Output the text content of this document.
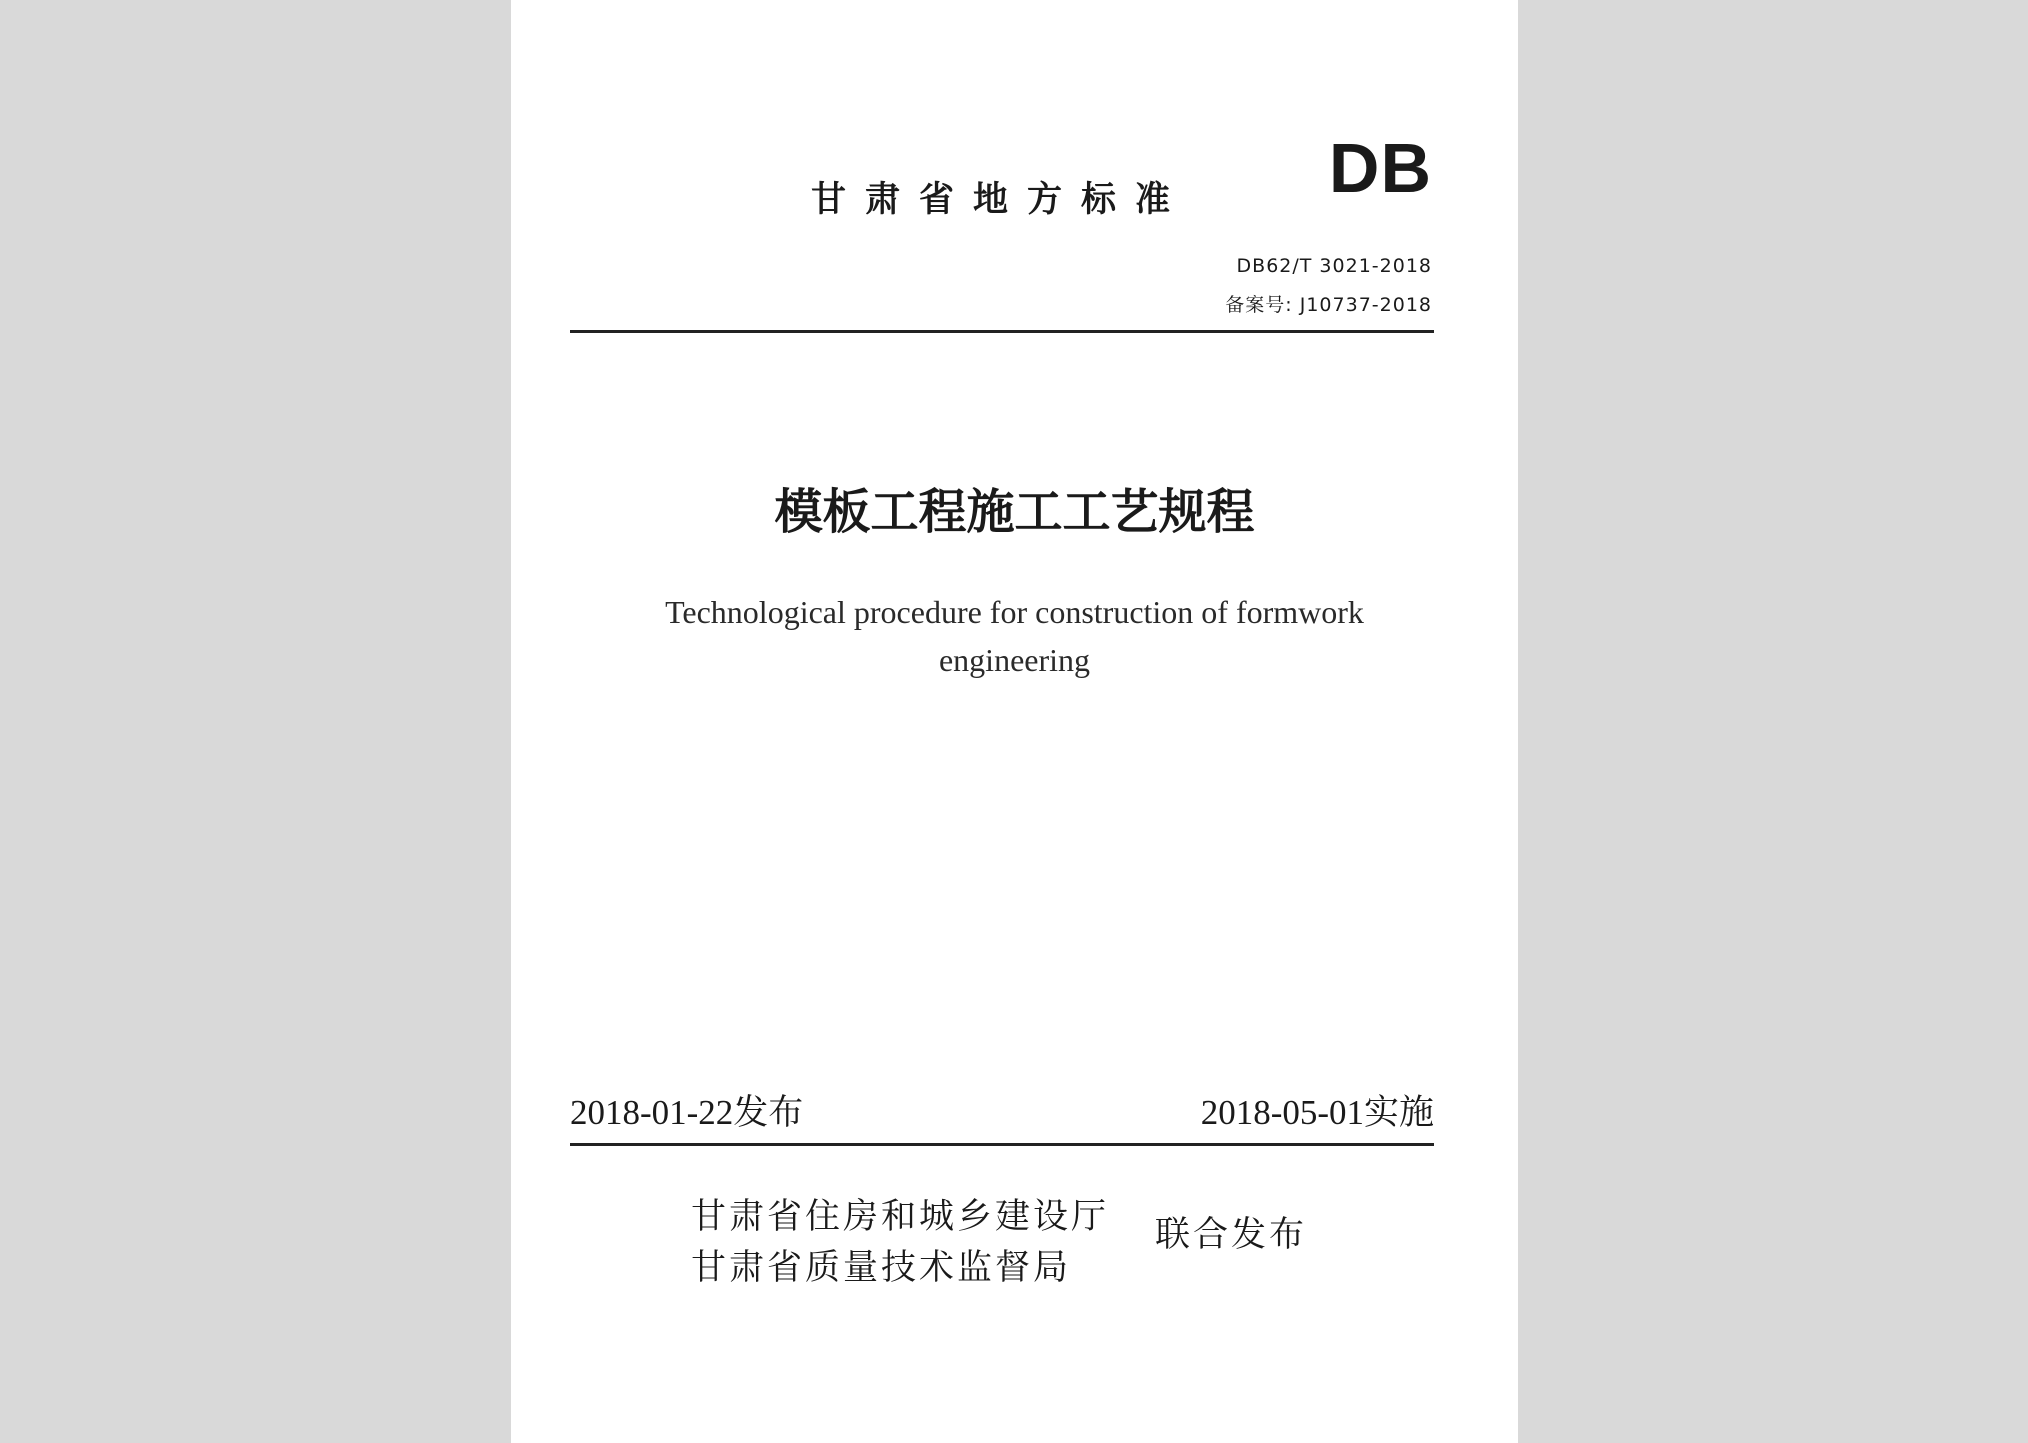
甘肃省地方标准 DB
DB62/T 3021-2018
备案号: J10737-2018
模板工程施工工艺规程
Technological procedure for construction of formwork
engineering
2018-01-22发布	2018-05-01实施
甘肃省住房和城乡建设厅
甘肃省质量技术监督局
联合发布
